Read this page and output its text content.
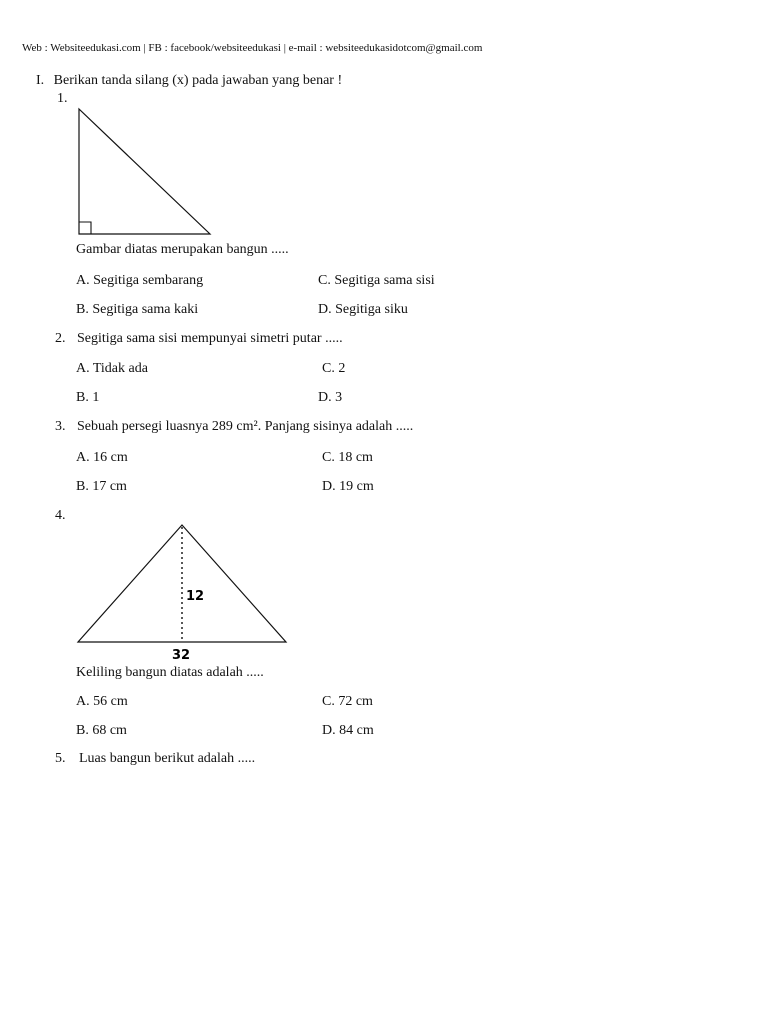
Web : Websiteedukasi.com | FB : facebook/websiteedukasi | e-mail : websiteedukasidotcom@gmail.com
I. Berikan tanda silang (x) pada jawaban yang benar !
1.
Gambar diatas merupakan bangun .....
A. Segitiga sembarang	C. Segitiga sama sisi
B. Segitiga sama kaki	D. Segitiga siku
2. Segitiga sama sisi mempunyai simetri putar .....
A. Tidak ada	C. 2
B. 1	D. 3
3. Sebuah persegi luasnya 289 cm². Panjang sisinya adalah .....
A. 16 cm	C. 18 cm
B. 17 cm	D. 19 cm
4.
12
32
Keliling bangun diatas adalah .....
A. 56 cm	C. 72 cm
B. 68 cm	D. 84 cm
5. Luas bangun berikut adalah .....
